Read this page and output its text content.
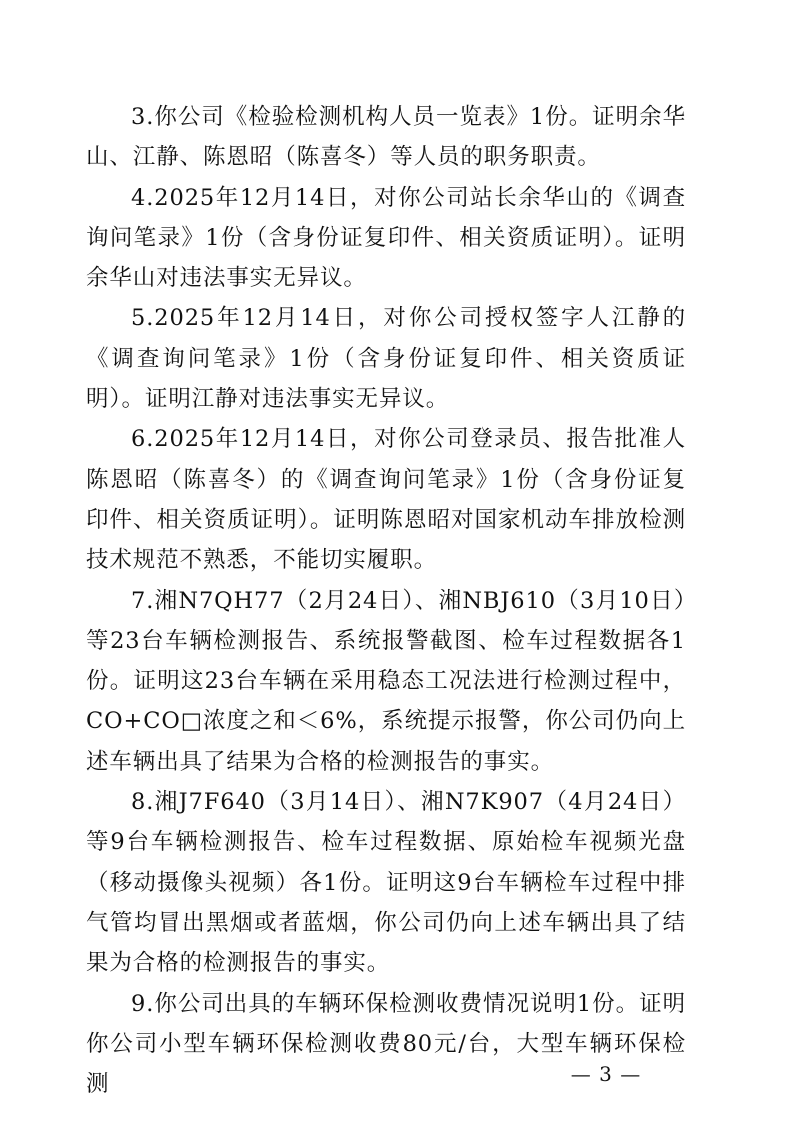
3.你公司《检验检测机构人员一览表》1份。证明余华山、江静、陈恩昭（陈喜冬）等人员的职务职责。

4.2025年12月14日，对你公司站长余华山的《调查询问笔录》1份（含身份证复印件、相关资质证明）。证明余华山对违法事实无异议。

5.2025年12月14日，对你公司授权签字人江静的《调查询问笔录》1份（含身份证复印件、相关资质证明）。证明江静对违法事实无异议。

6.2025年12月14日，对你公司登录员、报告批准人陈恩昭（陈喜冬）的《调查询问笔录》1份（含身份证复印件、相关资质证明）。证明陈恩昭对国家机动车排放检测技术规范不熟悉，不能切实履职。

7.湘N7QH77（2月24日）、湘NBJ610（3月10日）等23台车辆检测报告、系统报警截图、检车过程数据各1份。证明这23台车辆在采用稳态工况法进行检测过程中，CO+CO□浓度之和＜6%，系统提示报警，你公司仍向上述车辆出具了结果为合格的检测报告的事实。

8.湘J7F640（3月14日）、湘N7K907（4月24日）等9台车辆检测报告、检车过程数据、原始检车视频光盘（移动摄像头视频）各1份。证明这9台车辆检车过程中排气管均冒出黑烟或者蓝烟，你公司仍向上述车辆出具了结果为合格的检测报告的事实。

9.你公司出具的车辆环保检测收费情况说明1份。证明你公司小型车辆环保检测收费80元/台，大型车辆环保检测	— 3 —
